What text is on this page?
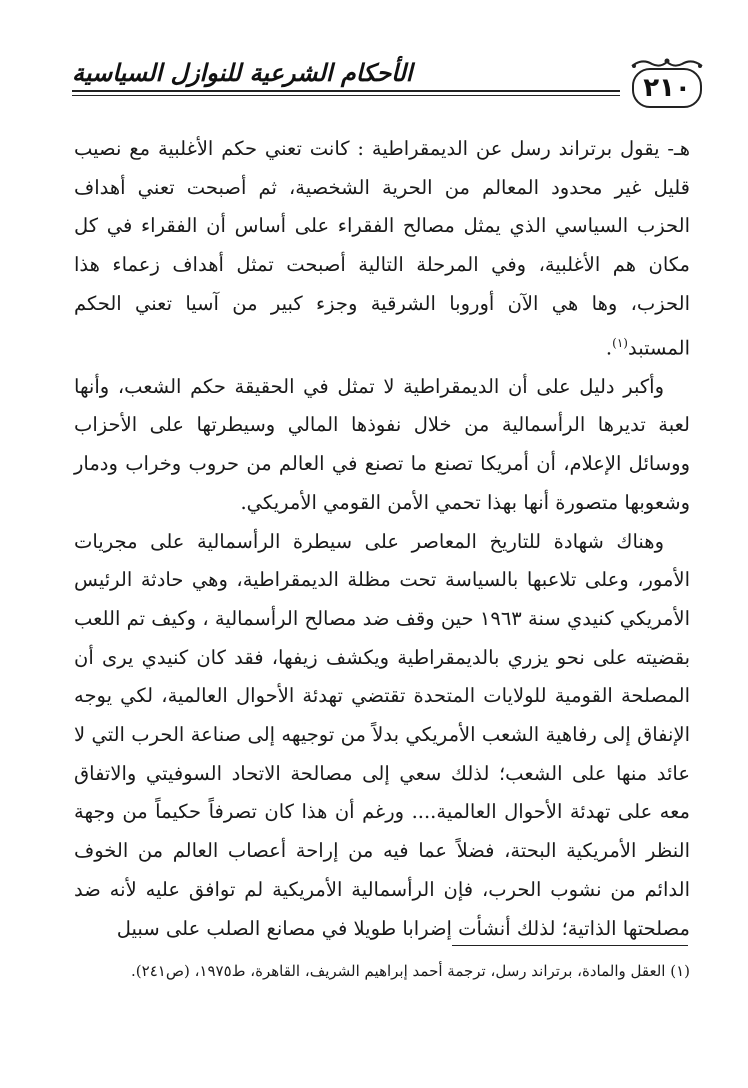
الأحكام الشرعية للنوازل السياسية
٢١٠

هـ- يقول برتراند رسل عن الديمقراطية : كانت تعني حكم الأغلبية مع نصيب قليل غير محدود المعالم من الحرية الشخصية، ثم أصبحت تعني أهداف الحزب السياسي الذي يمثل مصالح الفقراء على أساس أن الفقراء في كل مكان هم الأغلبية، وفي المرحلة التالية أصبحت تمثل أهداف زعماء هذا الحزب، وها هي الآن أوروبا الشرقية وجزء كبير من آسيا تعني الحكم المستبد$^{(١)}$.

وأكبر دليل على أن الديمقراطية لا تمثل في الحقيقة حكم الشعب، وأنها لعبة تديرها الرأسمالية من خلال نفوذها المالي وسيطرتها على الأحزاب ووسائل الإعلام، أن أمريكا تصنع ما تصنع في العالم من حروب وخراب ودمار وشعوبها متصورة أنها بهذا تحمي الأمن القومي الأمريكي.

وهناك شهادة للتاريخ المعاصر على سيطرة الرأسمالية على مجريات الأمور، وعلى تلاعبها بالسياسة تحت مظلة الديمقراطية، وهي حادثة الرئيس الأمريكي كنيدي سنة ١٩٦٣ حين وقف ضد مصالح الرأسمالية ، وكيف تم اللعب بقضيته على نحو يزري بالديمقراطية ويكشف زيفها، فقد كان كنيدي يرى أن المصلحة القومية للولايات المتحدة تقتضي تهدئة الأحوال العالمية، لكي يوجه الإنفاق إلى رفاهية الشعب الأمريكي بدلاً من توجيهه إلى صناعة الحرب التي لا عائد منها على الشعب؛ لذلك سعي إلى مصالحة الاتحاد السوفيتي والاتفاق معه على تهدئة الأحوال العالمية.... ورغم أن هذا كان تصرفاً حكيماً من وجهة النظر الأمريكية البحتة، فضلاً عما فيه من إراحة أعصاب العالم من الخوف الدائم من نشوب الحرب، فإن الرأسمالية الأمريكية لم توافق عليه لأنه ضد مصلحتها الذاتية؛ لذلك أنشأت إضرابا طويلا في مصانع الصلب على سبيل

(١) العقل والمادة، برتراند رسل، ترجمة أحمد إبراهيم الشريف، القاهرة، ط١٩٧٥، (ص٢٤١).
